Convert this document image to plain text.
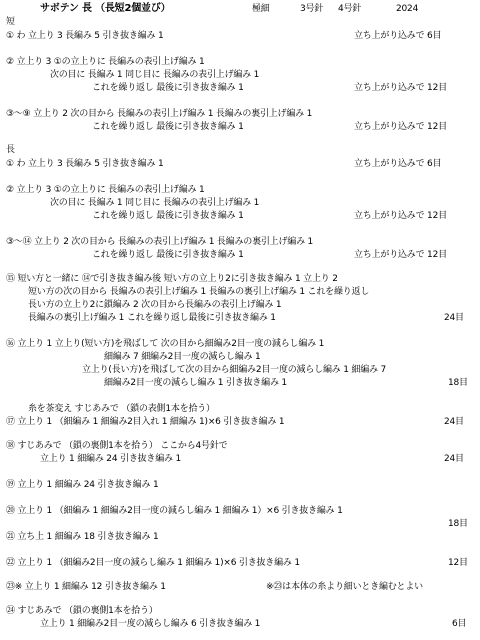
サボテン 長 （長短2個並び）	極細	3号針 4号針	2024
短
① わ 立上り 3 長編み 5 引き抜き編み 1	立ち上がり込みで 6目
② 立上り 3 ①の立上りに 長編みの表引上げ編み 1
次の目に 長編み 1 同じ目に 長編みの表引上げ編み 1
これを繰り返し 最後に引き抜き編み 1	立ち上がり込みで 12目
③～⑨ 立上り 2 次の目から 長編みの表引上げ編み 1 長編みの裏引上げ編み 1
これを繰り返し 最後に引き抜き編み 1	立ち上がり込みで 12目
長
① わ 立上り 3 長編み 5 引き抜き編み 1	立ち上がり込みで 6目
② 立上り 3 ①の立上りに 長編みの表引上げ編み 1
次の目に 長編み 1 同じ目に 長編みの表引上げ編み 1
これを繰り返し 最後に引き抜き編み 1	立ち上がり込みで 12目
③～⑭ 立上り 2 次の目から 長編みの表引上げ編み 1 長編みの裏引上げ編み 1
これを繰り返し 最後に引き抜き編み 1	立ち上がり込みで 12目
⑮ 短い方と一緒に ⑭で引き抜き編み後 短い方の立上り2に引き抜き編み 1 立上り 2
短い方の次の目から 長編みの表引上げ編み 1 長編みの裏引上げ編み 1 これを繰り返し
長い方の立上り2に鎖編み 2 次の目から長編みの表引上げ編み 1
長編みの裏引上げ編み 1 これを繰り返し最後に引き抜き編み 1	24目
⑯ 立上り 1 立上り(短い方)を飛ばして 次の目から細編み2目一度の減らし編み 1
細編み 7 細編み2目一度の減らし編み 1
立上り(長い方)を飛ばして次の目から細編み2目一度の減らし編み 1 細編み 7
細編み2目一度の減らし編み 1 引き抜き編み 1	18目
糸を茶変え すじあみで （鎖の表側1本を拾う）
⑰ 立上り 1 （細編み 1 細編み2目入れ 1 細編み 1)×6 引き抜き編み 1	24目
⑱ すじあみで （鎖の裏側1本を拾う） ここから4号針で
立上り 1 細編み 24 引き抜き編み 1	24目
⑲ 立上り 1 細編み 24 引き抜き編み 1
⑳ 立上り 1 （細編み 1 細編み2目一度の減らし編み 1 細編み 1）×6 引き抜き編み 1
18目
㉑ 立ち上 1 細編み 18 引き抜き編み 1
㉒ 立上り 1 （細編み2目一度の減らし編み 1 細編み 1)×6 引き抜き編み 1	12目
㉓※ 立上り 1 細編み 12 引き抜き編み 1	※㉓は本体の糸より細いとき編むとよい
㉔ すじあみで （鎖の裏側1本を拾う）
立上り 1 細編み2目一度の減らし編み 6 引き抜き編み 1	6目
